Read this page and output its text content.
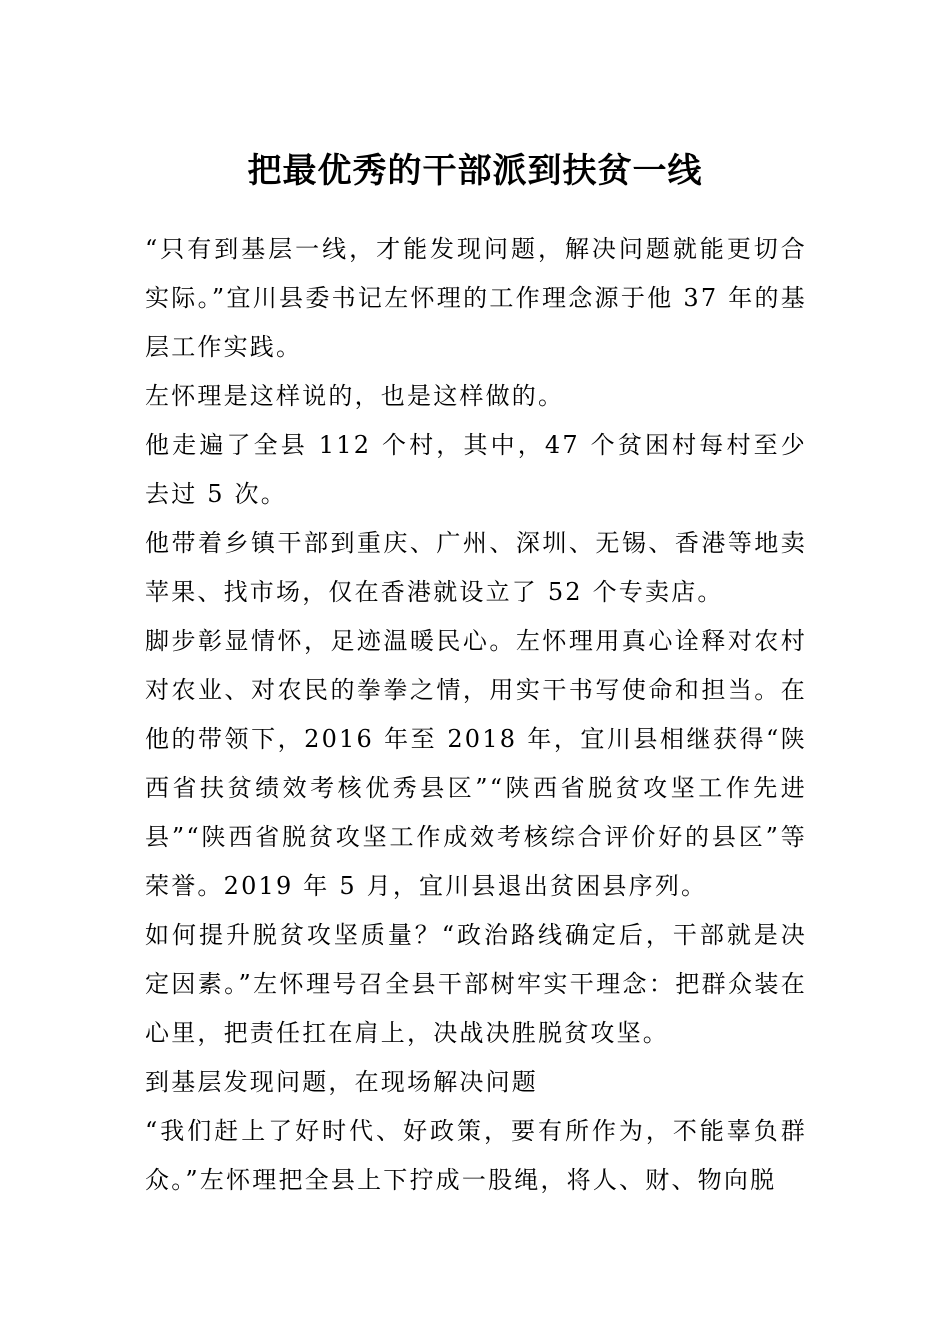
把最优秀的干部派到扶贫一线

“只有到基层一线，才能发现问题，解决问题就能更切合实际。”宜川县委书记左怀理的工作理念源于他 37 年的基层工作实践。

左怀理是这样说的，也是这样做的。

他走遍了全县 112 个村，其中，47 个贫困村每村至少去过 5 次。

他带着乡镇干部到重庆、广州、深圳、无锡、香港等地卖苹果、找市场，仅在香港就设立了 52 个专卖店。

脚步彰显情怀，足迹温暖民心。左怀理用真心诠释对农村对农业、对农民的拳拳之情，用实干书写使命和担当。在他的带领下，2016 年至 2018 年，宜川县相继获得“陕西省扶贫绩效考核优秀县区”“陕西省脱贫攻坚工作先进县”“陕西省脱贫攻坚工作成效考核综合评价好的县区”等荣誉。2019 年 5 月，宜川县退出贫困县序列。

如何提升脱贫攻坚质量？“政治路线确定后，干部就是决定因素。”左怀理号召全县干部树牢实干理念：把群众装在心里，把责任扛在肩上，决战决胜脱贫攻坚。

到基层发现问题，在现场解决问题

“我们赶上了好时代、好政策，要有所作为，不能辜负群众。”左怀理把全县上下拧成一股绳，将人、财、物向脱
